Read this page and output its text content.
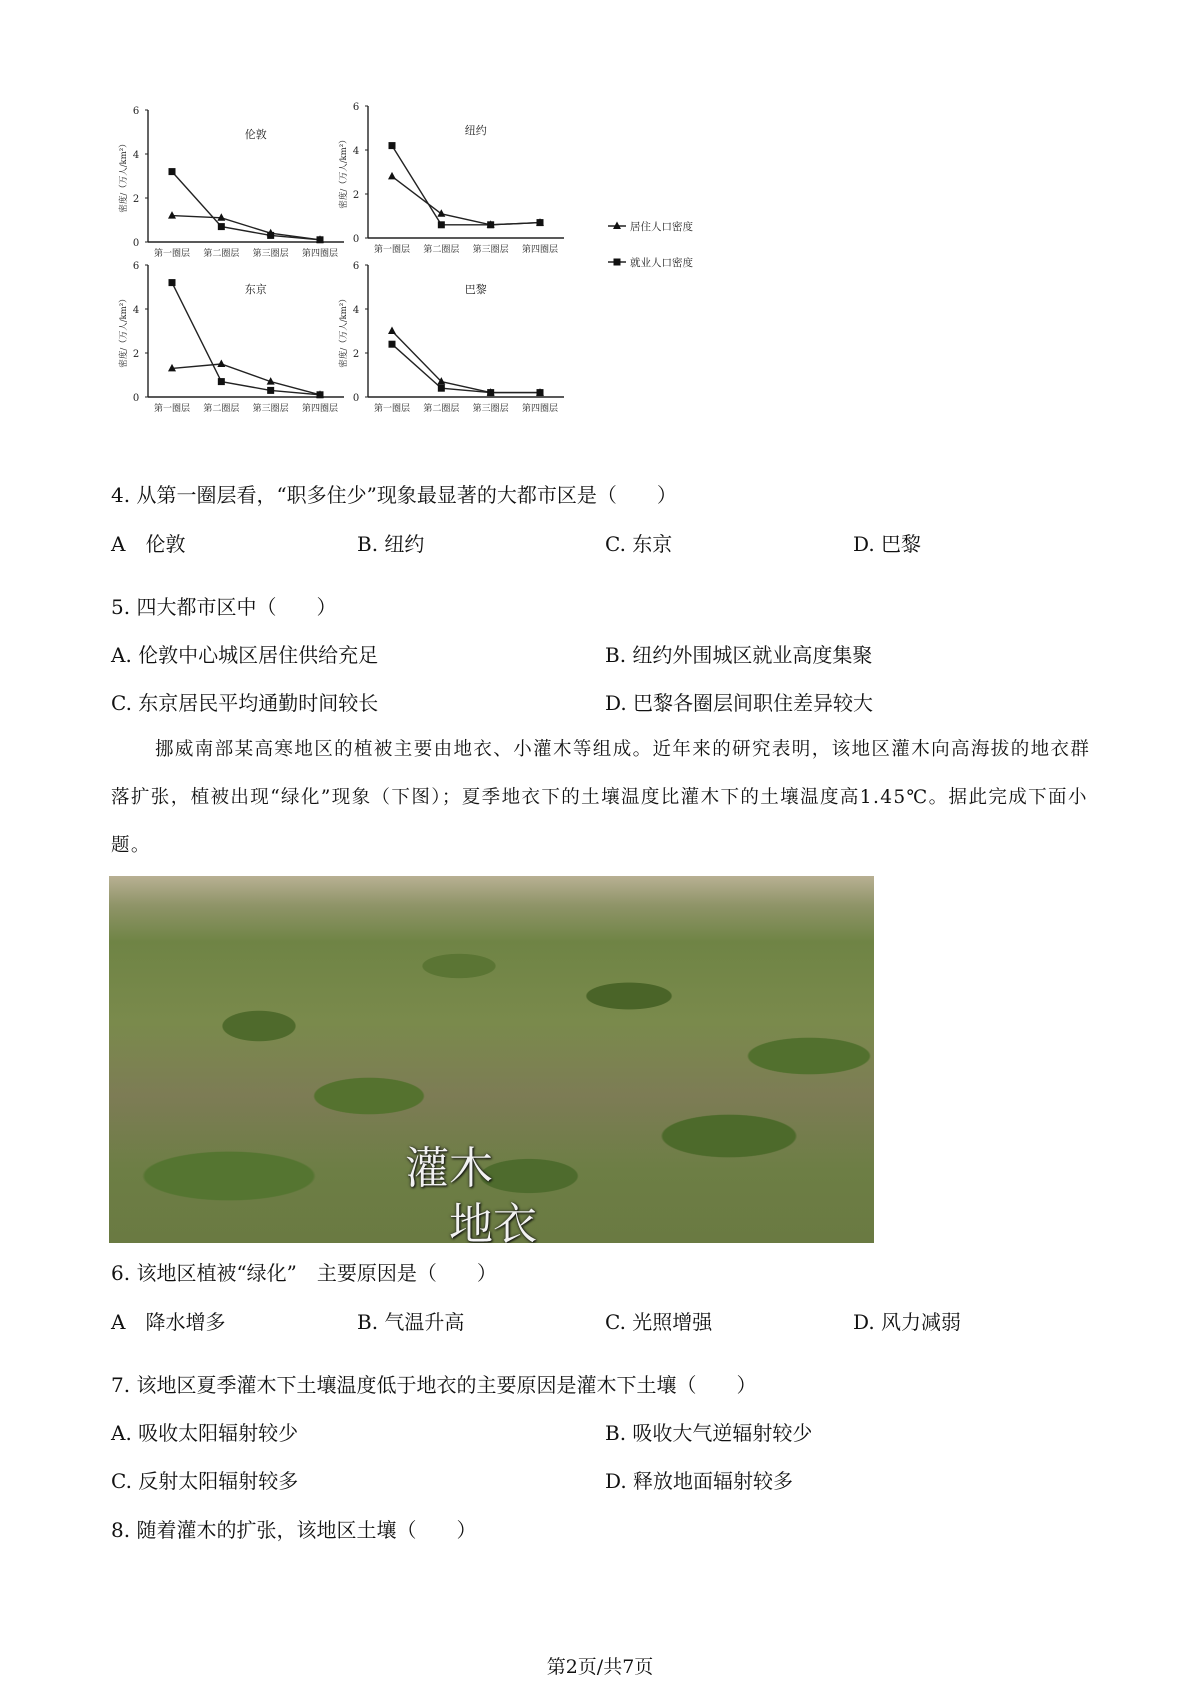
居住人口密度
就业人口密度
0
2
4
6
密度/（万人/km²）
伦敦
第一圈层 第二圈层 第三圈层 第四圈层
0
2
4
6
密度/（万人/km²）
纽约
第一圈层 第二圈层 第三圈层 第四圈层
0
2
4
6
密度/（万人/km²）
东京
第一圈层 第二圈层 第三圈层 第四圈层
0
2
4
6
密度/（万人/km²）
巴黎
第一圈层 第二圈层 第三圈层 第四圈层
4. 从第一圈层看，“职多住少”现象最显著的大都市区是（　　）
A　伦敦	B. 纽约	C. 东京	D. 巴黎
5. 四大都市区中（　　）
A. 伦敦中心城区居住供给充足	B. 纽约外围城区就业高度集聚
C. 东京居民平均通勤时间较长	D. 巴黎各圈层间职住差异较大
挪威南部某高寒地区的植被主要由地衣、小灌木等组成。近年来的研究表明，该地区灌木向高海拔的地衣群落扩张，植被出现“绿化”现象（下图）；夏季地衣下的土壤温度比灌木下的土壤温度高1.45℃。据此完成下面小题。
灌木
地衣
6. 该地区植被“绿化”　主要原因是（　　）
A　降水增多	B. 气温升高	C. 光照增强	D. 风力减弱
7. 该地区夏季灌木下土壤温度低于地衣的主要原因是灌木下土壤（　　）
A. 吸收太阳辐射较少	B. 吸收大气逆辐射较少
C. 反射太阳辐射较多	D. 释放地面辐射较多
8. 随着灌木的扩张，该地区土壤（　　）
第2页/共7页
